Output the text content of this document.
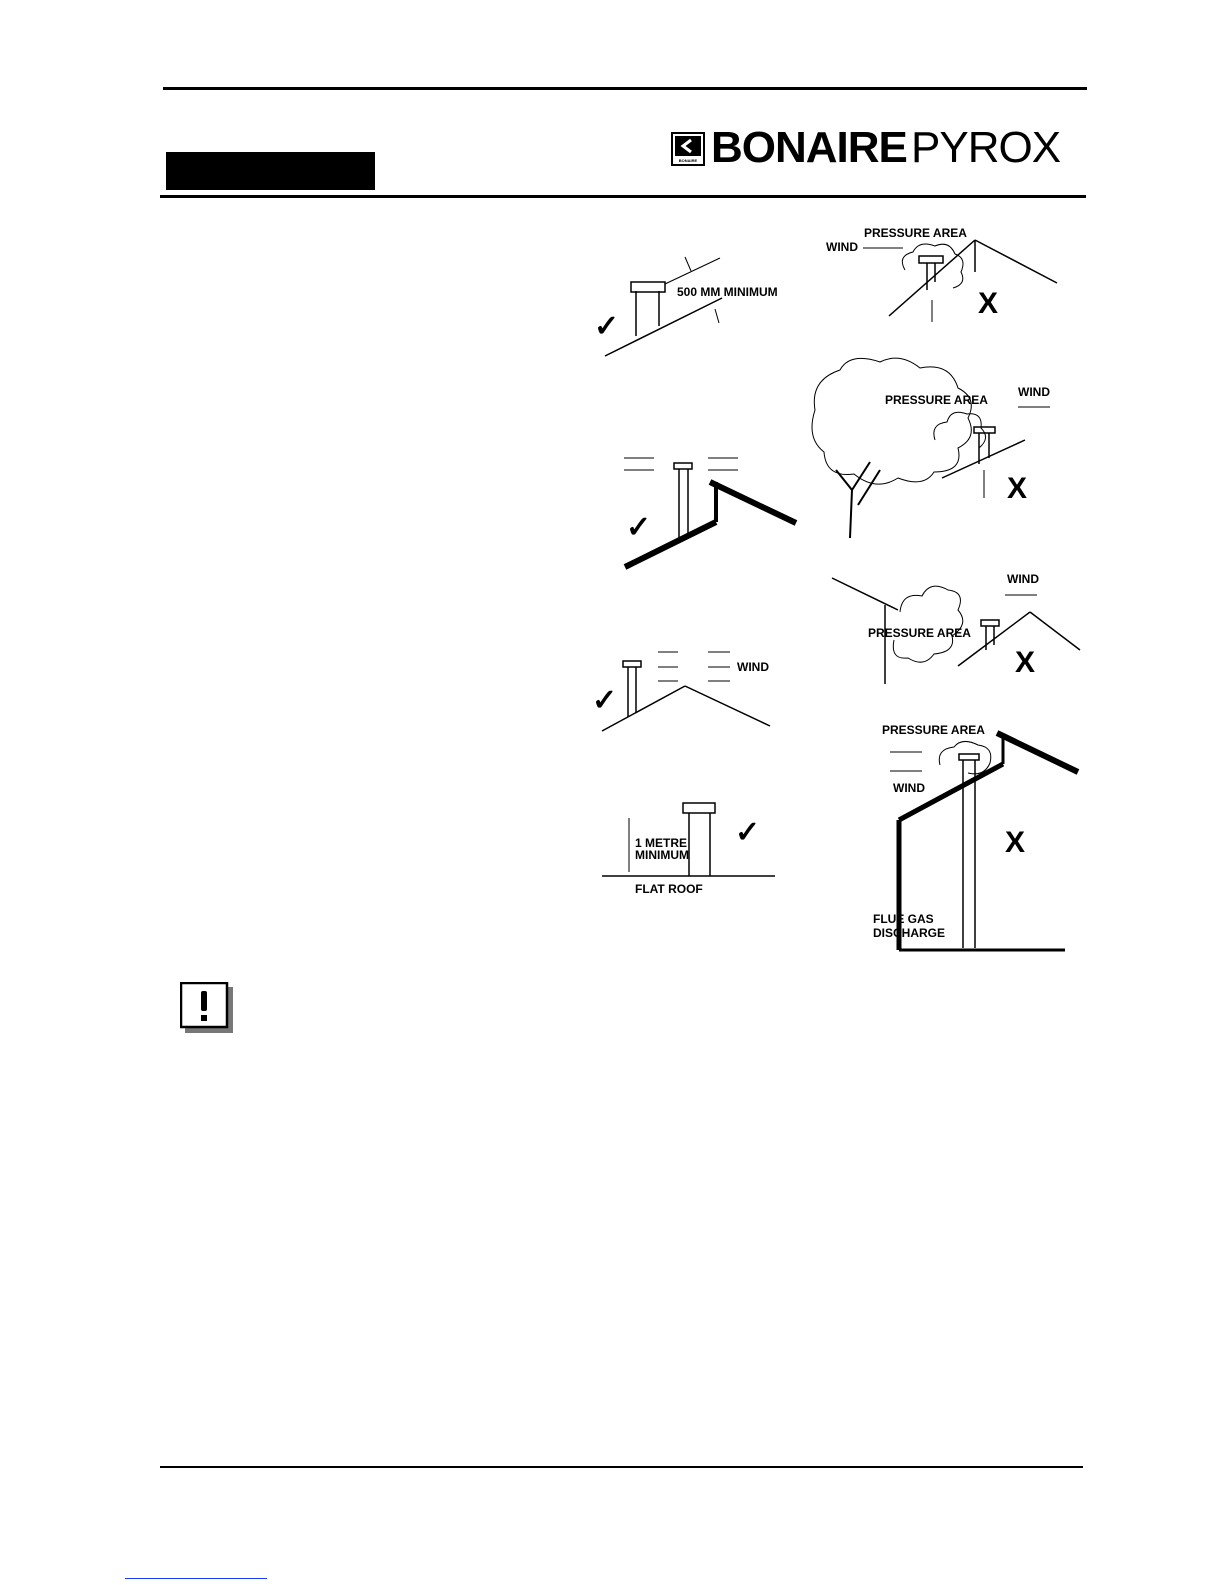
BONAIRE BONAIRE PYROX
500 MM MINIMUM
✓
PRESSURE AREA
WIND
X
✓
PRESSURE AREA
WIND
X
WIND
✓
PRESSURE AREA
WIND
X
1 METRE
MINIMUM
FLAT ROOF
✓
PRESSURE AREA
WIND
FLUE GAS
DISCHARGE
X
